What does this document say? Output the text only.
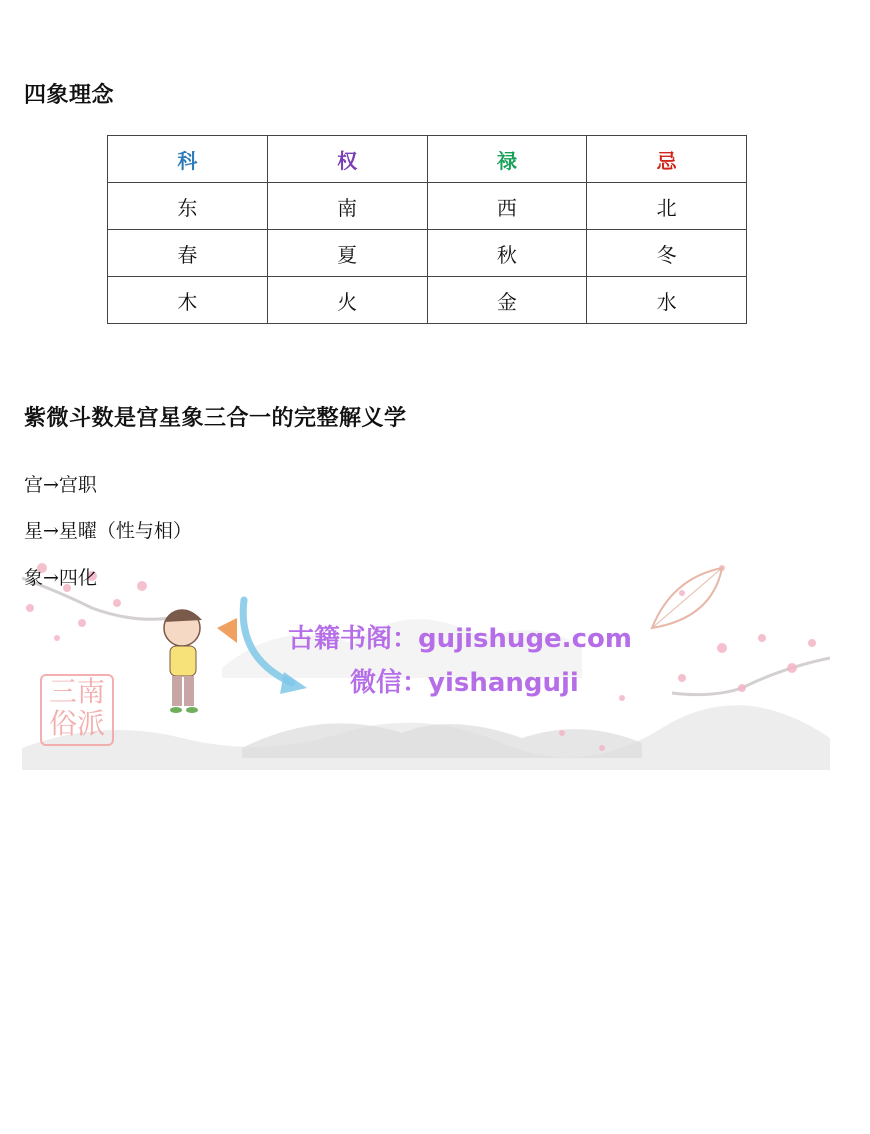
四象理念
科	权	禄	忌
东	南	西	北
春	夏	秋	冬
木	火	金	水
紫微斗数是宫星象三合一的完整解义学
三南
俗派
古籍书阁：gujishuge.com
微信：yishanguji
宫→宫职
星→星曜（性与相）
象→四化
